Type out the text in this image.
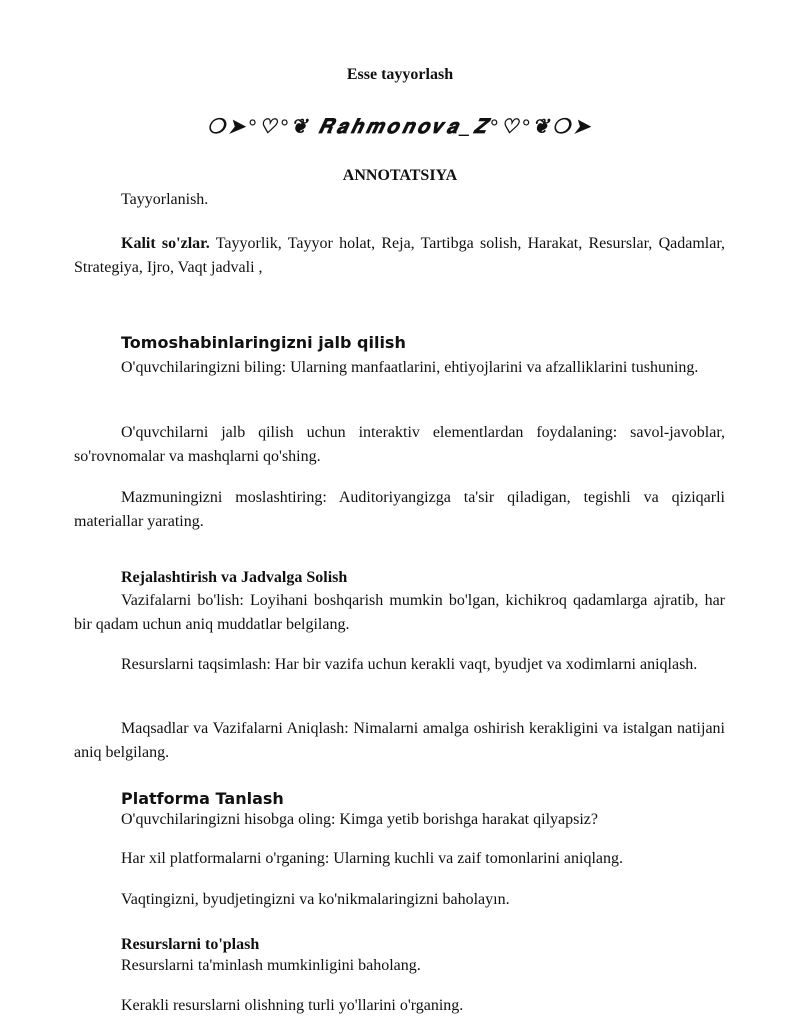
Esse tayyorlash
❍➤°♡°❦ 𝑹𝒂𝒉𝒎𝒐𝒏𝒐𝒗𝒂_𝒁°♡°❦❍➤
ANNOTATSIYA
Tayyorlanish.
Kalit so'zlar. Tayyorlik, Tayyor holat, Reja, Tartibga solish, Harakat, Resurslar, Qadamlar, Strategiya, Ijro, Vaqt jadvali ,
Tomoshabinlaringizni jalb qilish
O'quvchilaringizni biling: Ularning manfaatlarini, ehtiyojlarini va afzalliklarini tushuning.
O'quvchilarni jalb qilish uchun interaktiv elementlardan foydalaning: savol-javoblar, so'rovnomalar va mashqlarni qo'shing.
Mazmuningizni moslashtiring: Auditoriyangizga ta'sir qiladigan, tegishli va qiziqarli materiallar yarating.
Rejalashtirish va Jadvalga Solish
Vazifalarni bo'lish: Loyihani boshqarish mumkin bo'lgan, kichikroq qadamlarga ajratib, har bir qadam uchun aniq muddatlar belgilang.
Resurslarni taqsimlash: Har bir vazifa uchun kerakli vaqt, byudjet va xodimlarni aniqlash.
Maqsadlar va Vazifalarni Aniqlash: Nimalarni amalga oshirish kerakligini va istalgan natijani aniq belgilang.
Platforma Tanlash
O'quvchilaringizni hisobga oling: Kimga yetib borishga harakat qilyapsiz?
Har xil platformalarni o'rganing: Ularning kuchli va zaif tomonlarini aniqlang.
Vaqtingizni, byudjetingizni va ko'nikmalaringizni baholayın.
Resurslarni to'plash
Resurslarni ta'minlash mumkinligini baholang.
Kerakli resurslarni olishning turli yo'llarini o'rganing.
